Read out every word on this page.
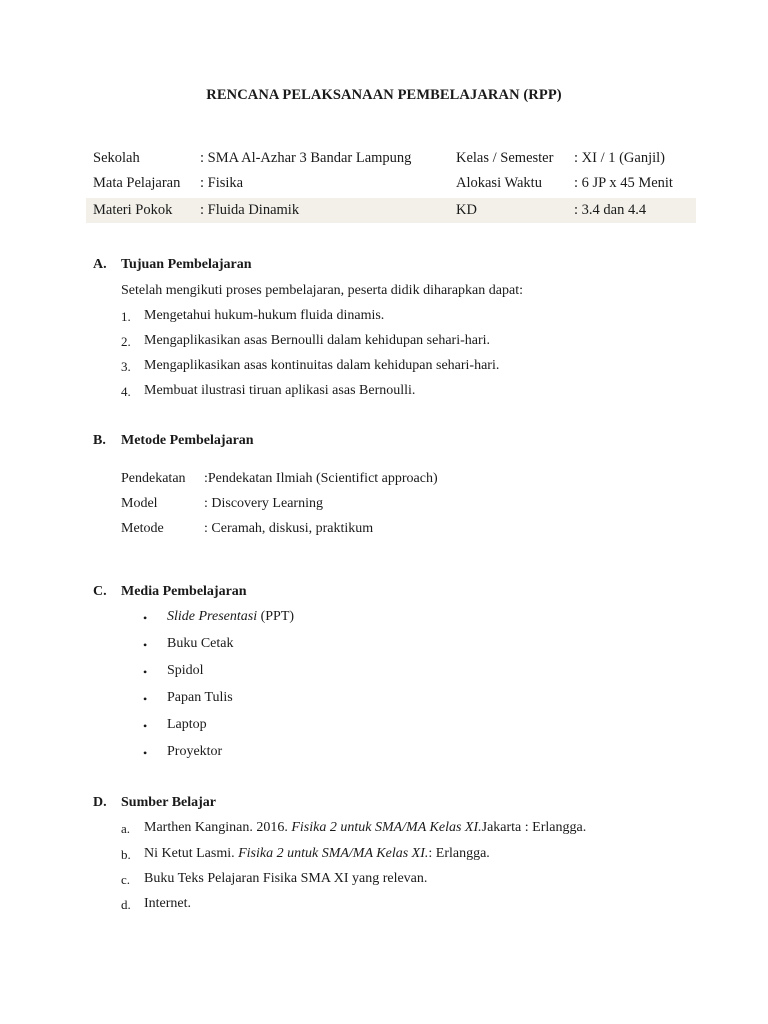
RENCANA PELAKSANAAN PEMBELAJARAN (RPP)
Sekolah	: SMA Al-Azhar 3 Bandar Lampung	Kelas / Semester : XI / 1 (Ganjil)
Mata Pelajaran : Fisika	Alokasi Waktu : 6 JP x 45 Menit
Materi Pokok : Fluida Dinamik	KD	: 3.4 dan 4.4
A. Tujuan Pembelajaran
Setelah mengikuti proses pembelajaran, peserta didik diharapkan dapat:
1. Mengetahui hukum-hukum fluida dinamis.
2. Mengaplikasikan asas Bernoulli dalam kehidupan sehari-hari.
3. Mengaplikasikan asas kontinuitas dalam kehidupan sehari-hari.
4. Membuat ilustrasi tiruan aplikasi asas Bernoulli.
B. Metode Pembelajaran
Pendekatan :Pendekatan Ilmiah (Scientifict approach)
Model	: Discovery Learning
Metode	: Ceramah, diskusi, praktikum
C. Media Pembelajaran
• Slide Presentasi (PPT)
• Buku Cetak
• Spidol
• Papan Tulis
• Laptop
• Proyektor
D. Sumber Belajar
a. Marthen Kanginan. 2016. Fisika 2 untuk SMA/MA Kelas XI.Jakarta : Erlangga.
b. Ni Ketut Lasmi. Fisika 2 untuk SMA/MA Kelas XI.: Erlangga.
c. Buku Teks Pelajaran Fisika SMA XI yang relevan.
d. Internet.
